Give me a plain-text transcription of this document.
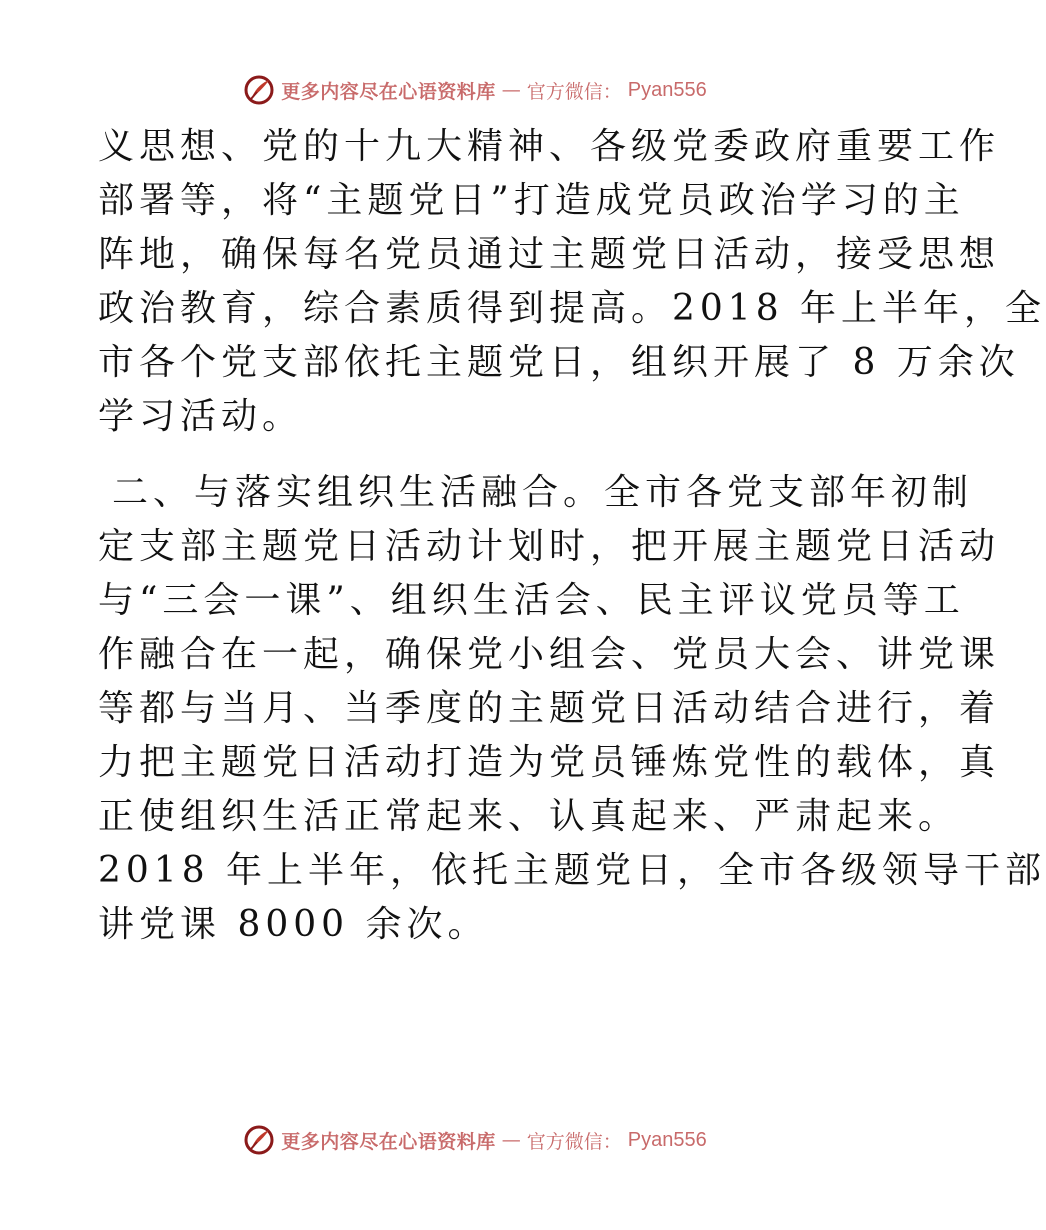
更多内容尽在心语资料库 — 官方微信： Pyan556
义思想、党的十九大精神、各级党委政府重要工作
部署等，将“主题党日”打造成党员政治学习的主
阵地，确保每名党员通过主题党日活动，接受思想
政治教育，综合素质得到提高。2018 年上半年，全
市各个党支部依托主题党日，组织开展了 8 万余次
学习活动。
二、与落实组织生活融合。全市各党支部年初制
定支部主题党日活动计划时，把开展主题党日活动
与“三会一课”、组织生活会、民主评议党员等工
作融合在一起，确保党小组会、党员大会、讲党课
等都与当月、当季度的主题党日活动结合进行，着
力把主题党日活动打造为党员锤炼党性的载体，真
正使组织生活正常起来、认真起来、严肃起来。
2018 年上半年，依托主题党日，全市各级领导干部
讲党课 8000 余次。
更多内容尽在心语资料库 — 官方微信： Pyan556
